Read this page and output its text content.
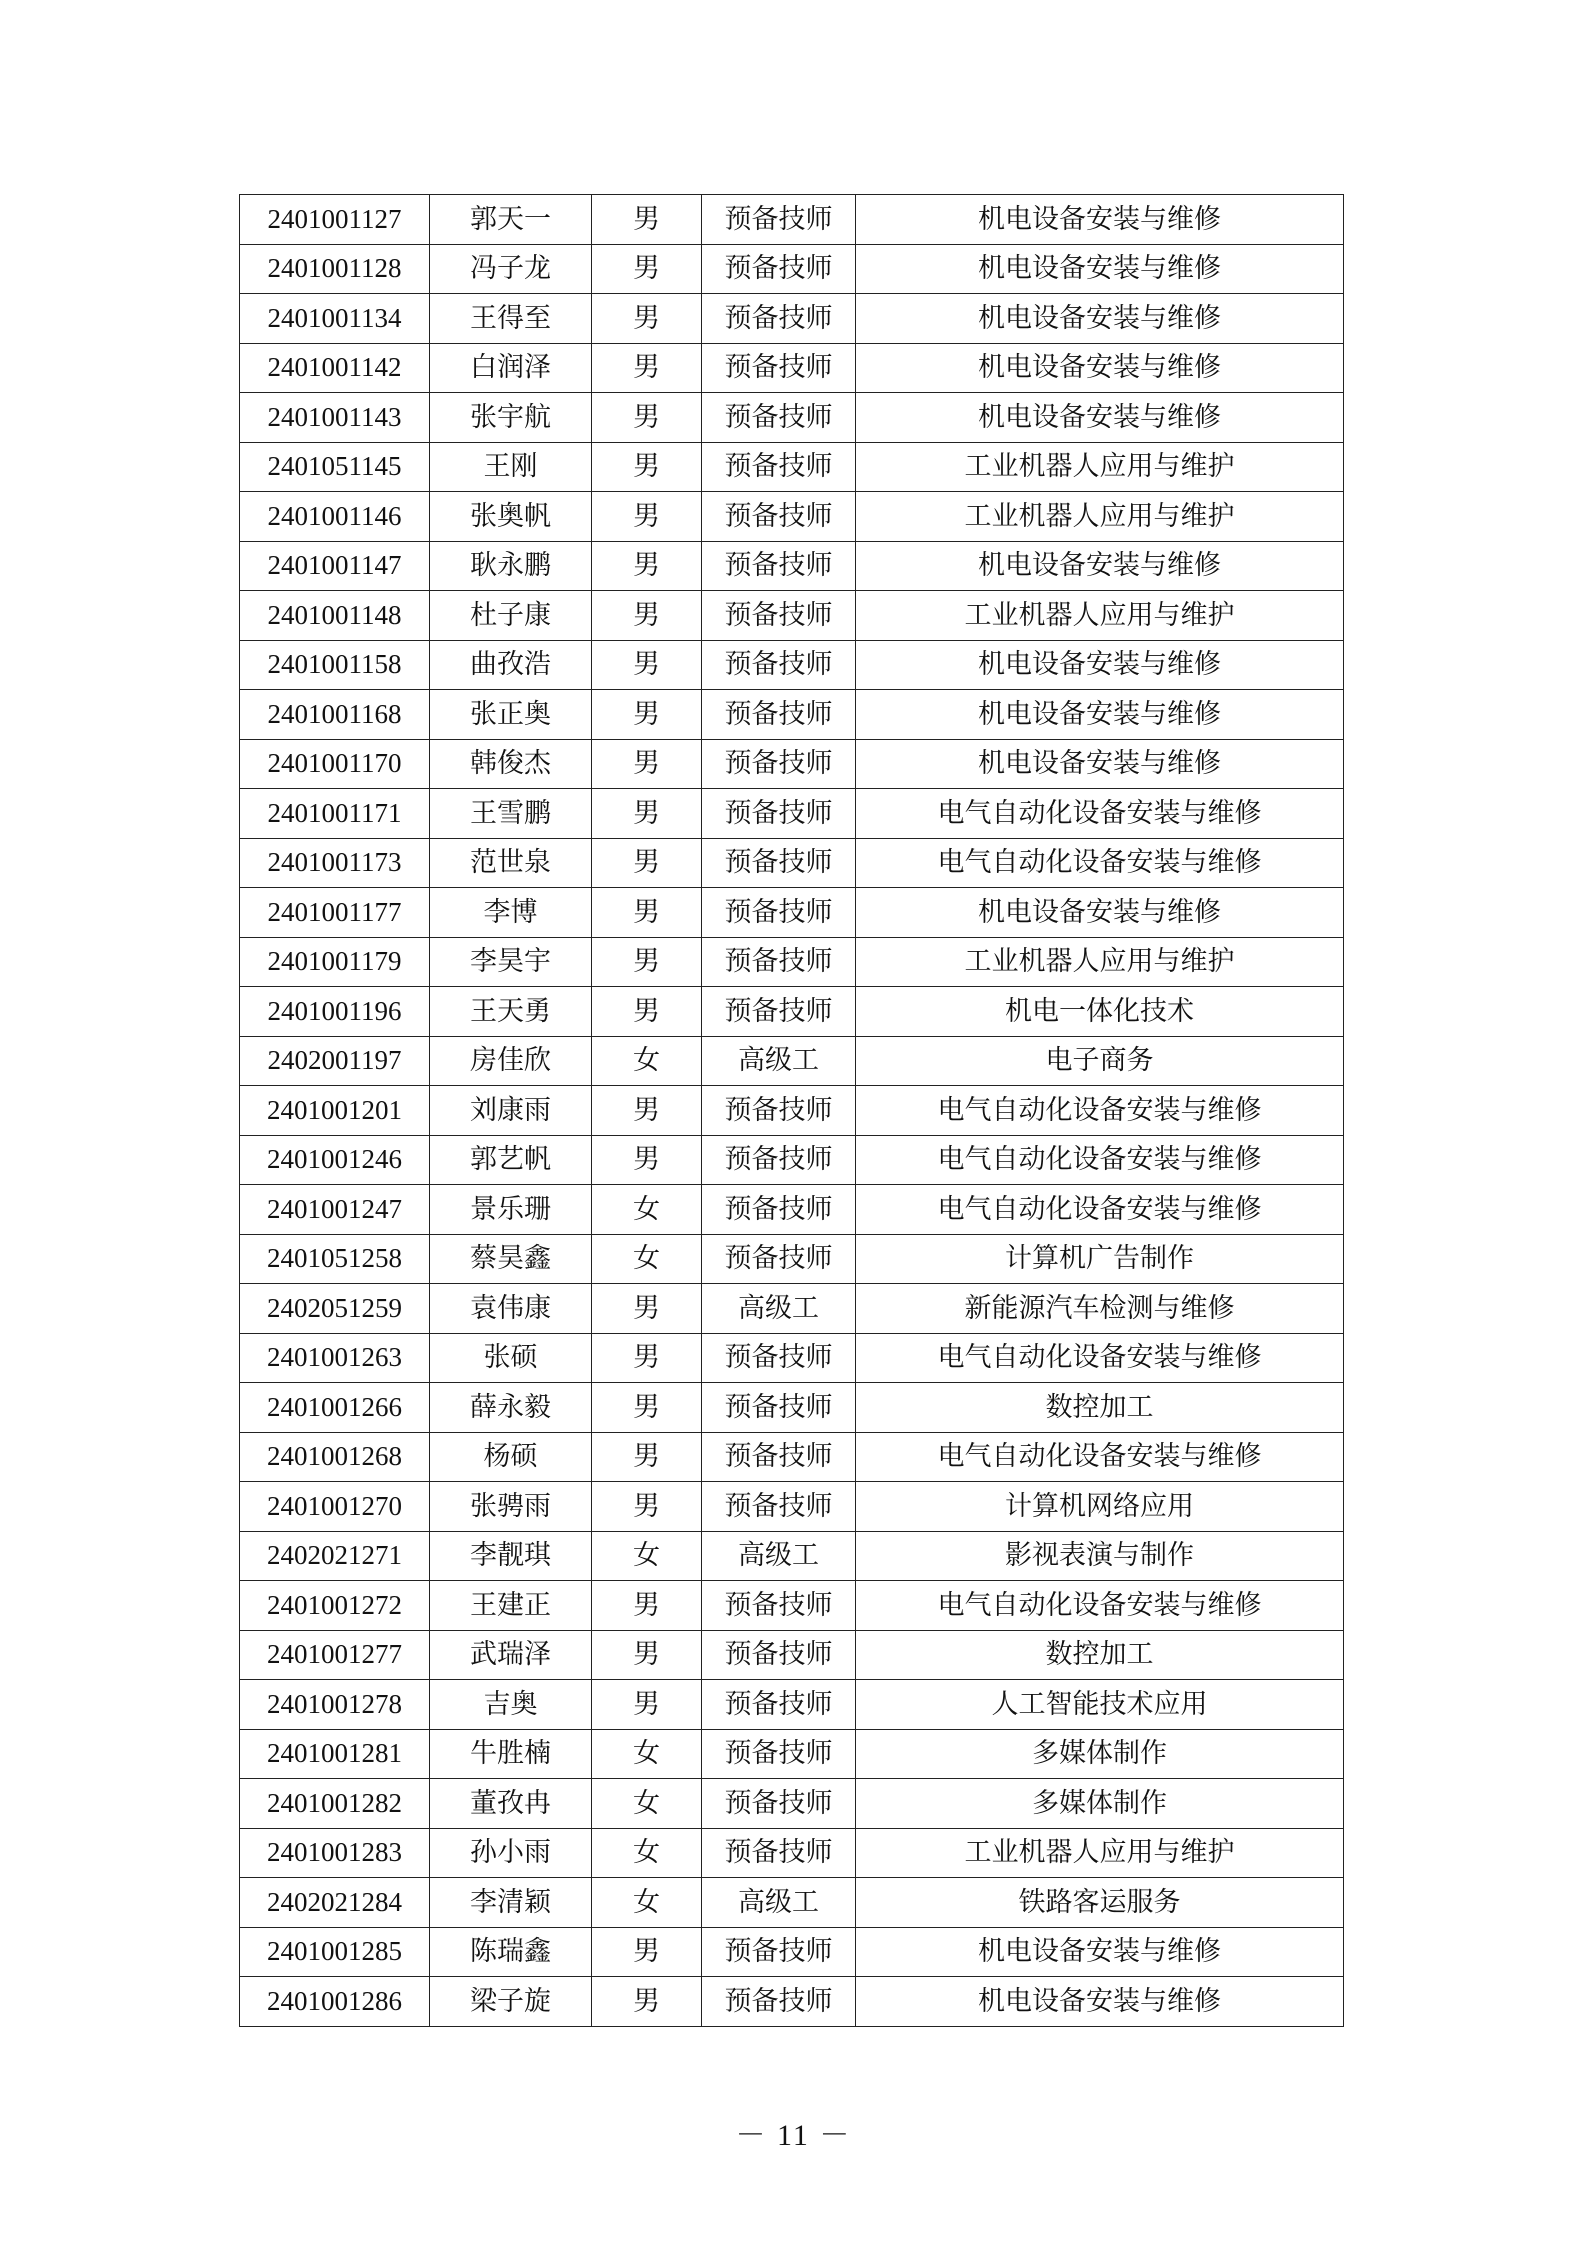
2401001127	郭天一	男	预备技师	机电设备安装与维修
2401001128	冯子龙	男	预备技师	机电设备安装与维修
2401001134	王得至	男	预备技师	机电设备安装与维修
2401001142	白润泽	男	预备技师	机电设备安装与维修
2401001143	张宇航	男	预备技师	机电设备安装与维修
2401051145	王刚	男	预备技师	工业机器人应用与维护
2401001146	张奥帆	男	预备技师	工业机器人应用与维护
2401001147	耿永鹏	男	预备技师	机电设备安装与维修
2401001148	杜子康	男	预备技师	工业机器人应用与维护
2401001158	曲孜浩	男	预备技师	机电设备安装与维修
2401001168	张正奥	男	预备技师	机电设备安装与维修
2401001170	韩俊杰	男	预备技师	机电设备安装与维修
2401001171	王雪鹏	男	预备技师	电气自动化设备安装与维修
2401001173	范世泉	男	预备技师	电气自动化设备安装与维修
2401001177	李博	男	预备技师	机电设备安装与维修
2401001179	李昊宇	男	预备技师	工业机器人应用与维护
2401001196	王天勇	男	预备技师	机电一体化技术
2402001197	房佳欣	女	高级工	电子商务
2401001201	刘康雨	男	预备技师	电气自动化设备安装与维修
2401001246	郭艺帆	男	预备技师	电气自动化设备安装与维修
2401001247	景乐珊	女	预备技师	电气自动化设备安装与维修
2401051258	蔡昊鑫	女	预备技师	计算机广告制作
2402051259	袁伟康	男	高级工	新能源汽车检测与维修
2401001263	张硕	男	预备技师	电气自动化设备安装与维修
2401001266	薛永毅	男	预备技师	数控加工
2401001268	杨硕	男	预备技师	电气自动化设备安装与维修
2401001270	张骋雨	男	预备技师	计算机网络应用
2402021271	李靓琪	女	高级工	影视表演与制作
2401001272	王建正	男	预备技师	电气自动化设备安装与维修
2401001277	武瑞泽	男	预备技师	数控加工
2401001278	吉奥	男	预备技师	人工智能技术应用
2401001281	牛胜楠	女	预备技师	多媒体制作
2401001282	董孜冉	女	预备技师	多媒体制作
2401001283	孙小雨	女	预备技师	工业机器人应用与维护
2402021284	李清颖	女	高级工	铁路客运服务
2401001285	陈瑞鑫	男	预备技师	机电设备安装与维修
2401001286	梁子旋	男	预备技师	机电设备安装与维修
－ 11 －
